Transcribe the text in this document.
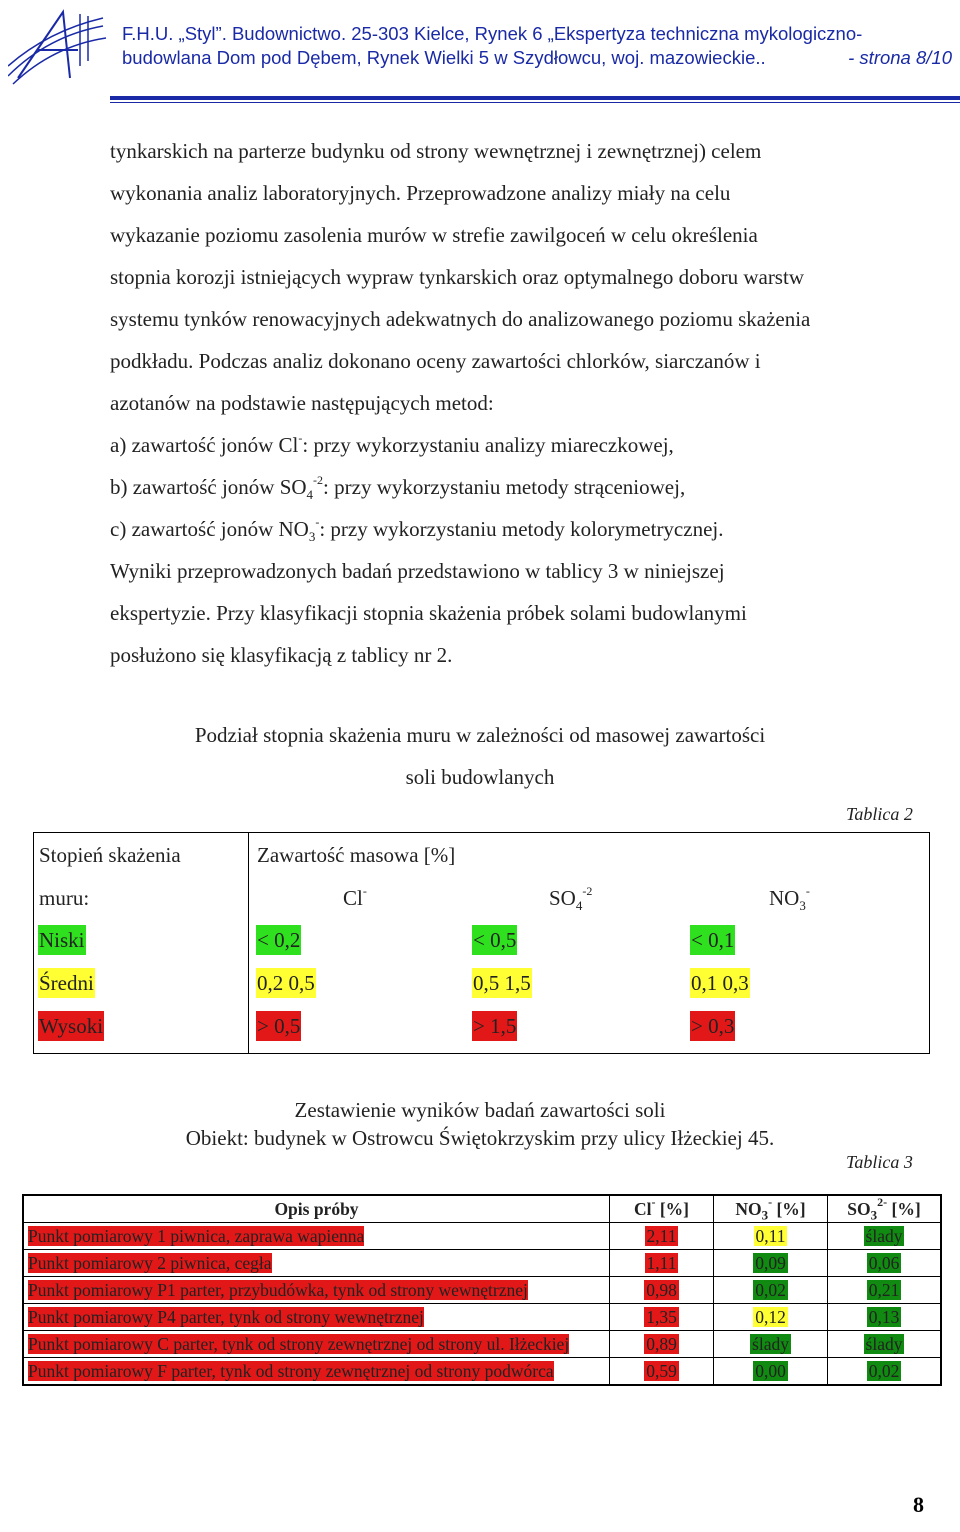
F.H.U. „Styl”. Budownictwo. 25-303 Kielce, Rynek 6 „Ekspertyza techniczna mykologiczno-
budowlana Dom pod Dębem, Rynek Wielki 5 w Szydłowcu, woj. mazowieckie..	- strona 8/10
tynkarskich na parterze budynku od strony wewnętrznej i zewnętrznej) celem
wykonania analiz laboratoryjnych. Przeprowadzone analizy miały na celu
wykazanie poziomu zasolenia murów w strefie zawilgoceń w celu określenia
stopnia korozji istniejących wypraw tynkarskich oraz optymalnego doboru warstw
systemu tynków renowacyjnych adekwatnych do analizowanego poziomu skażenia
podkładu. Podczas analiz dokonano oceny zawartości chlorków, siarczanów i
azotanów na podstawie następujących metod:
a) zawartość jonów Cl-: przy wykorzystaniu analizy miareczkowej,
b) zawartość jonów $SO_4^{-2}$: przy wykorzystaniu metody strąceniowej,
c) zawartość jonów $NO_3^-$: przy wykorzystaniu metody kolorymetrycznej.
Wyniki przeprowadzonych badań przedstawiono w tablicy 3 w niniejszej
ekspertyzie. Przy klasyfikacji stopnia skażenia próbek solami budowlanymi
posłużono się klasyfikacją z tablicy nr 2.
Podział stopnia skażenia muru w zależności od masowej zawartości
soli budowlanych
Tablica 2
Stopień skażenia
muru:
Zawartość masowa [%]
Cl-	$SO_4^{-2}$	$NO_3^-$
Niski	< 0,2	< 0,5	< 0,1
Średni	0,2 0,5	0,5 1,5	0,1 0,3
Wysoki	> 0,5	> 1,5	> 0,3
Zestawienie wyników badań zawartości soli
Obiekt: budynek w Ostrowcu Świętokrzyskim przy ulicy Iłżeckiej 45.
Tablica 3
Opis próby	Cl- [%]	$NO_3^-$ [%]	$SO_3^{2-}$ [%]
Punkt pomiarowy 1 piwnica, zaprawa wapienna	2,11	0,11	ślady
Punkt pomiarowy 2 piwnica, cegła	1,11	0,09	0,06
Punkt pomiarowy P1 parter, przybudówka, tynk od strony wewnętrznej	0,98	0,02	0,21
Punkt pomiarowy P4 parter, tynk od strony wewnętrznej	1,35	0,12	0,13
Punkt pomiarowy C parter, tynk od strony zewnętrznej od strony ul. Iłżeckiej	0,89	ślady	ślady
Punkt pomiarowy F parter, tynk od strony zewnętrznej od strony podwórca	0,59	0,00	0,02
8
